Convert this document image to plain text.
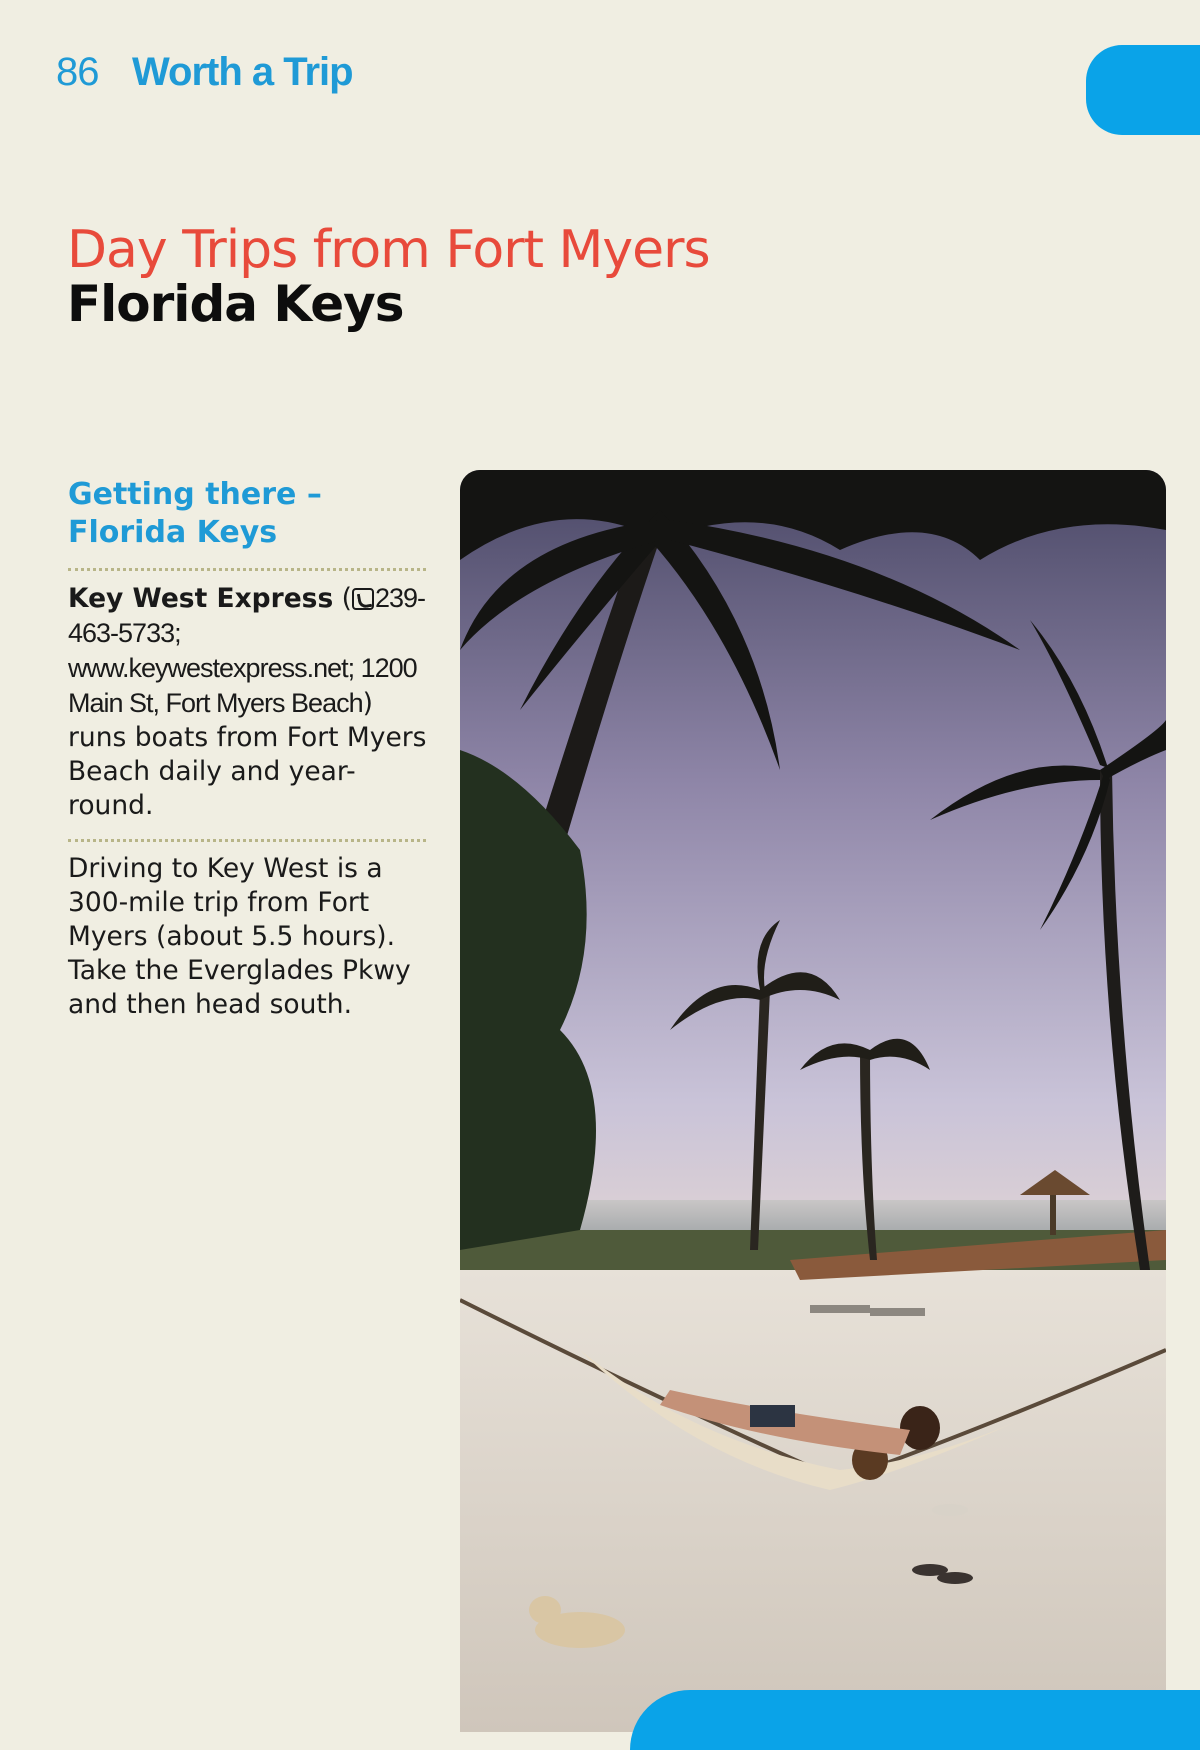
86 Worth a Trip
Day Trips from Fort Myers
Florida Keys
Getting there –
Florida Keys

Key West Express ( 239-463-5733; www.keywestexpress.net; 1200 Main St, Fort Myers Beach) runs boats from Fort Myers Beach daily and year-round.

Driving to Key West is a 300-mile trip from Fort Myers (about 5.5 hours). Take the Everglades Pkwy and then head south.
